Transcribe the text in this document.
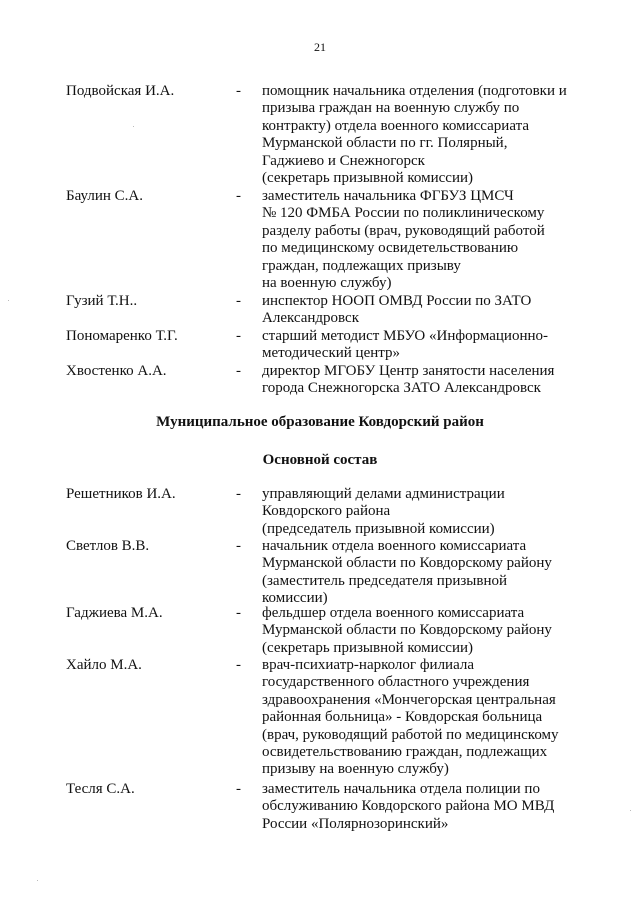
21
Подвойская И.А.	- помощник начальника отделения (подготовки и
призыва граждан на военную службу по
контракту) отдела военного комиссариата
Мурманской области по гг. Полярный,
Гаджиево и Снежногорск
(секретарь призывной комиссии)
Баулин С.А.	- заместитель начальника ФГБУЗ ЦМСЧ
№ 120 ФМБА России по поликлиническому
разделу работы (врач, руководящий работой
по медицинскому освидетельствованию
граждан, подлежащих призыву
на военную службу)
Гузий Т.Н..	- инспектор НООП ОМВД России по ЗАТО
Александровск
Пономаренко Т.Г.	- старший методист МБУО «Информационно-
методический центр»
Хвостенко А.А.	- директор МГОБУ Центр занятости населения
города Снежногорска ЗАТО Александровск
Муниципальное образование Ковдорский район
Основной состав
Решетников И.А.	- управляющий делами администрации
Ковдорского района
(председатель призывной комиссии)
Светлов В.В.	- начальник отдела военного комиссариата
Мурманской области по Ковдорскому району
(заместитель председателя призывной
комиссии)
Гаджиева М.А.	- фельдшер отдела военного комиссариата
Мурманской области по Ковдорскому району
(секретарь призывной комиссии)
Хайло М.А.	- врач-психиатр-нарколог филиала
государственного областного учреждения
здравоохранения «Мончегорская центральная
районная больница» - Ковдорская больница
(врач, руководящий работой по медицинскому
освидетельствованию граждан, подлежащих
призыву на военную службу)
Тесля С.А.	- заместитель начальника отдела полиции по
обслуживанию Ковдорского района МО МВД
России «Полярнозоринский»
